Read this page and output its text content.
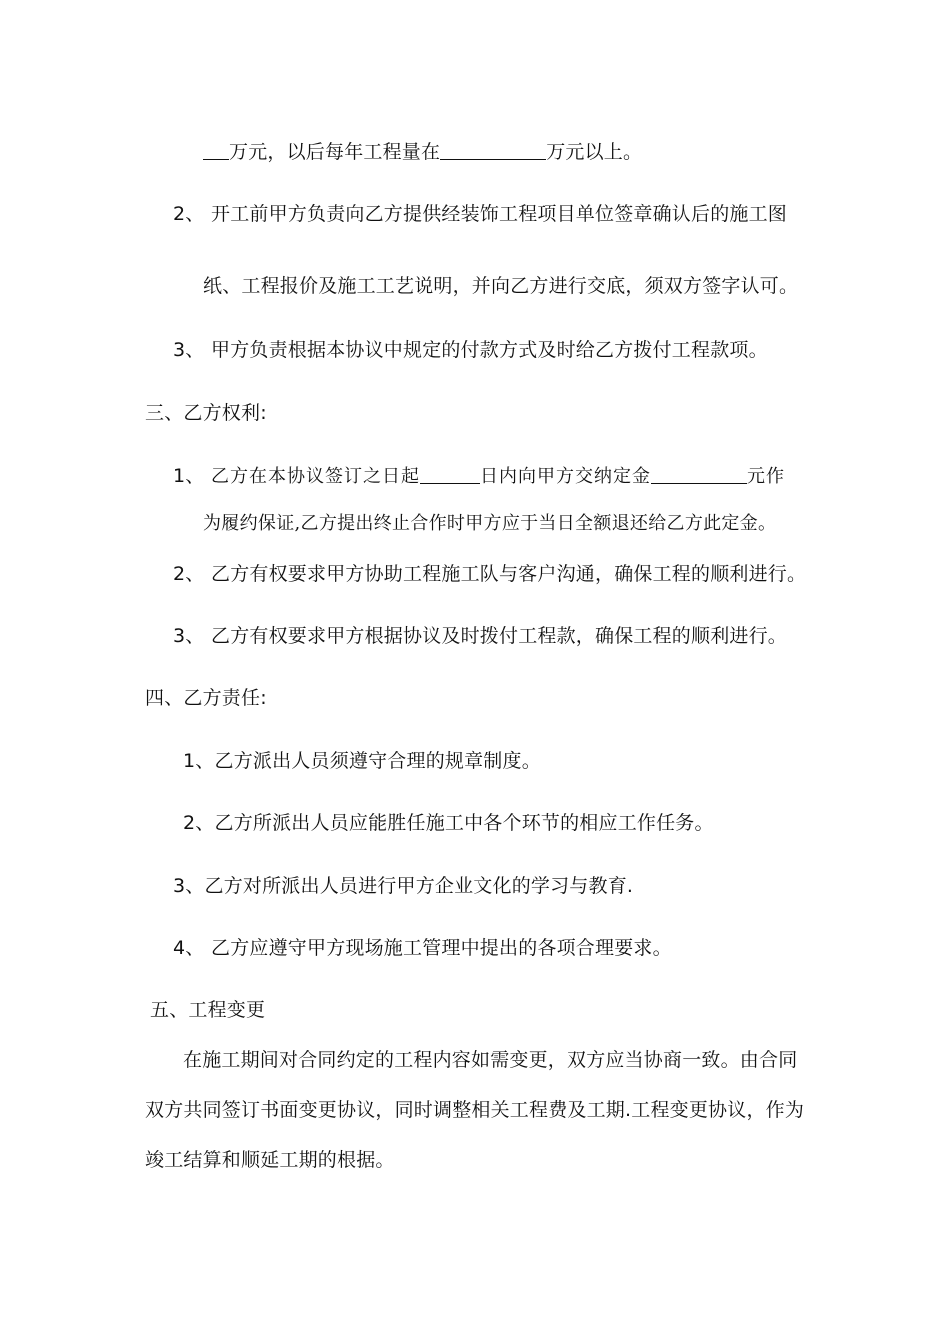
万元，以后每年工程量在	万元以上。
2、 开工前甲方负责向乙方提供经装饰工程项目单位签章确认后的施工图
纸、工程报价及施工工艺说明，并向乙方进行交底，须双方签字认可。
3、 甲方负责根据本协议中规定的付款方式及时给乙方拨付工程款项。
三、乙方权利:
1、 乙方在本协议签订之日起	日内向甲方交纳定金	元作
为履约保证,乙方提出终止合作时甲方应于当日全额退还给乙方此定金。
2、 乙方有权要求甲方协助工程施工队与客户沟通，确保工程的顺利进行。
3、 乙方有权要求甲方根据协议及时拨付工程款，确保工程的顺利进行。
四、乙方责任:
1、乙方派出人员须遵守合理的规章制度。
2、乙方所派出人员应能胜任施工中各个环节的相应工作任务。
3、乙方对所派出人员进行甲方企业文化的学习与教育.
4、 乙方应遵守甲方现场施工管理中提出的各项合理要求。
五、工程变更
在施工期间对合同约定的工程内容如需变更，双方应当协商一致。由合同
双方共同签订书面变更协议，同时调整相关工程费及工期.工程变更协议，作为
竣工结算和顺延工期的根据。
